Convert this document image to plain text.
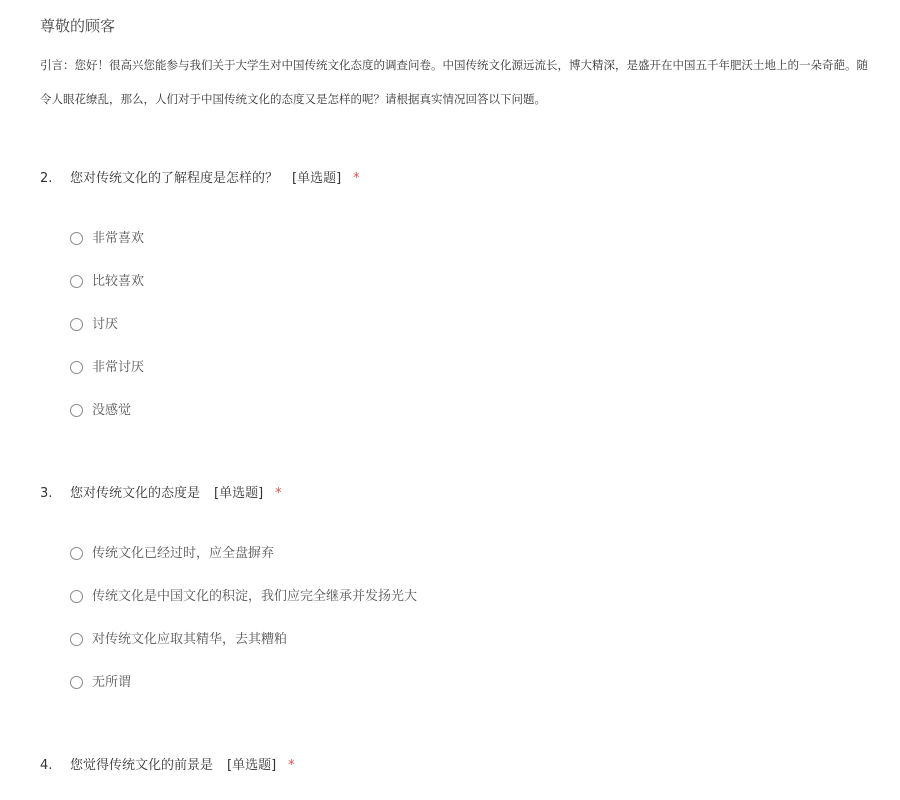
尊敬的顾客
引言：您好！很高兴您能参与我们关于大学生对中国传统文化态度的调查问卷。中国传统文化源远流长，博大精深，是盛开在中国五千年肥沃土地上的一朵奇葩。随
令人眼花缭乱，那么，人们对于中国传统文化的态度又是怎样的呢？请根据真实情况回答以下问题。
2. 您对传统文化的了解程度是怎样的？ [单选题] *
非常喜欢
比较喜欢
讨厌
非常讨厌
没感觉
3. 您对传统文化的态度是 [单选题] *
传统文化已经过时，应全盘摒弃
传统文化是中国文化的积淀，我们应完全继承并发扬光大
对传统文化应取其精华，去其糟粕
无所谓
4. 您觉得传统文化的前景是 [单选题] *
